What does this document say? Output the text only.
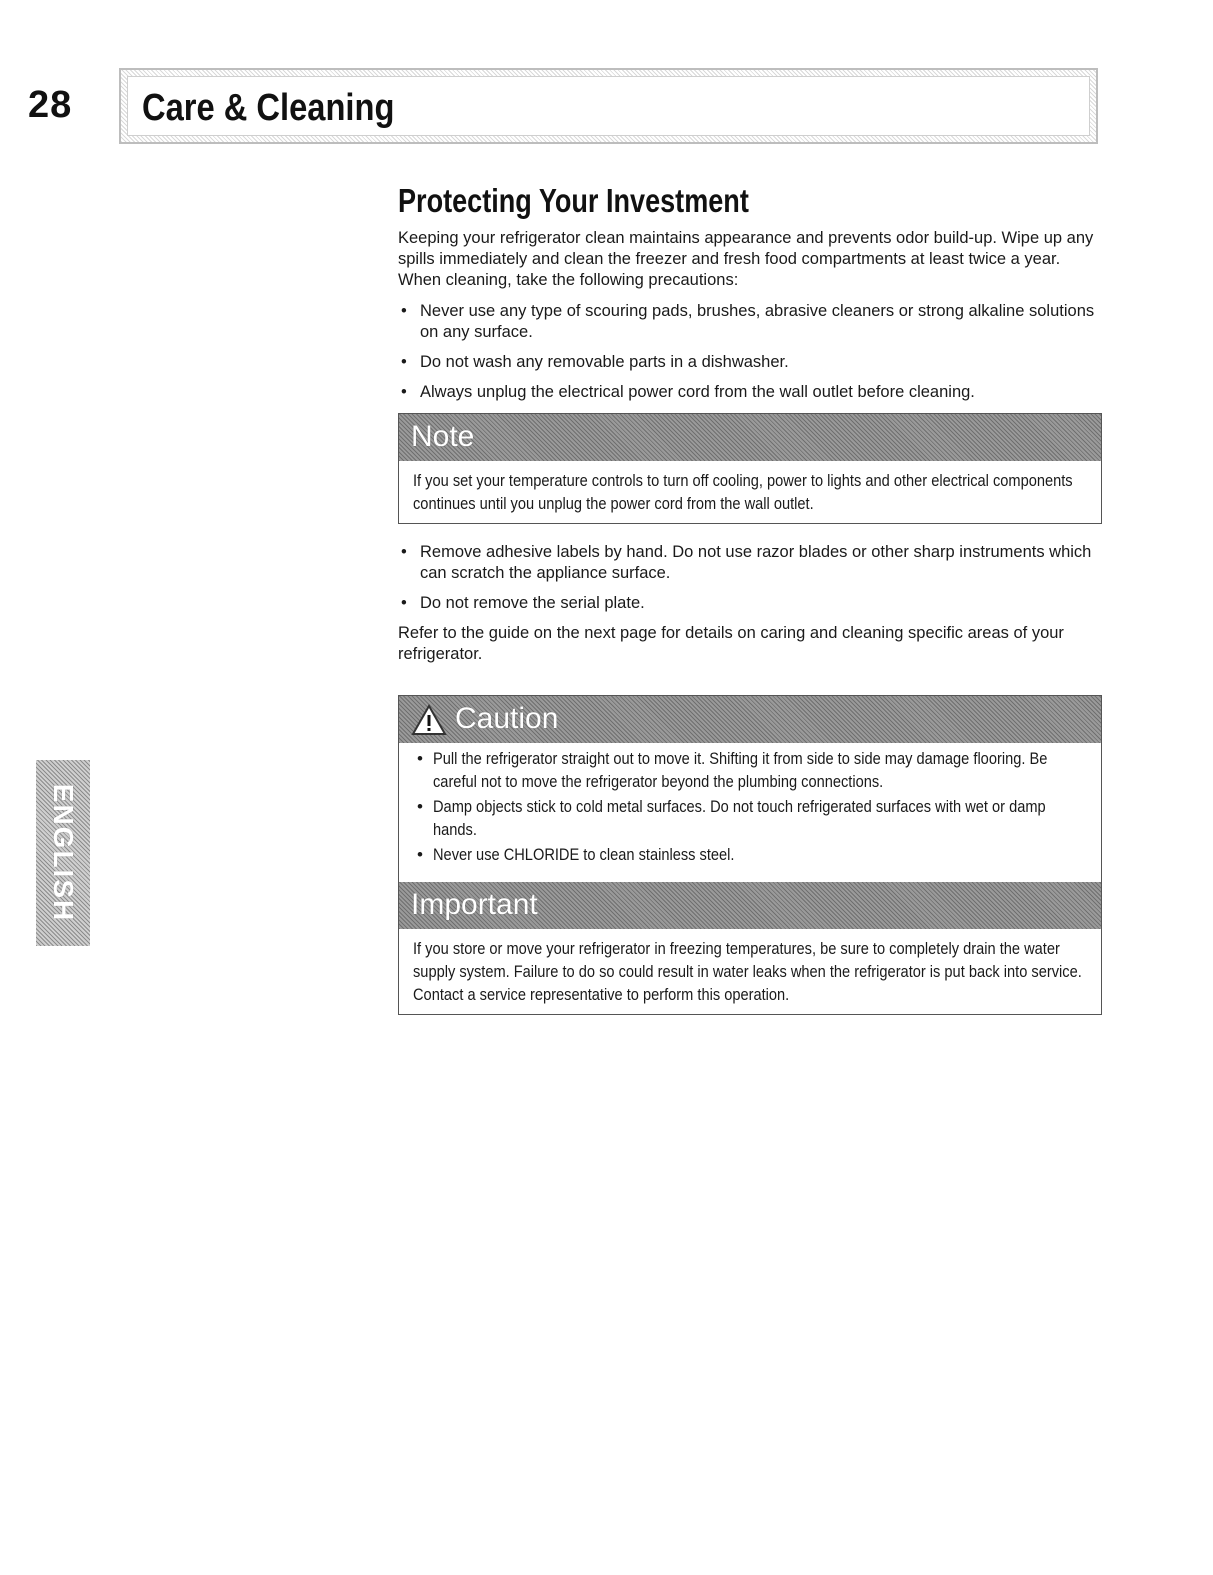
28 Care & Cleaning
ENGLISH
Protecting Your Investment

Keeping your refrigerator clean maintains appearance and prevents odor build-up. Wipe up any spills immediately and clean the freezer and fresh food compartments at least twice a year. When cleaning, take the following precautions:

• Never use any type of scouring pads, brushes, abrasive cleaners or strong alkaline solutions on any surface.
• Do not wash any removable parts in a dishwasher.
• Always unplug the electrical power cord from the wall outlet before cleaning.
Note
If you set your temperature controls to turn off cooling, power to lights and other electrical components continues until you unplug the power cord from the wall outlet.
• Remove adhesive labels by hand. Do not use razor blades or other sharp instruments which can scratch the appliance surface.
• Do not remove the serial plate.

Refer to the guide on the next page for details on caring and cleaning specific areas of your refrigerator.

Caution
• Pull the refrigerator straight out to move it. Shifting it from side to side may damage flooring. Be careful not to move the refrigerator beyond the plumbing connections.
• Damp objects stick to cold metal surfaces. Do not touch refrigerated surfaces with wet or damp hands.
• Never use CHLORIDE to clean stainless steel.
Important
If you store or move your refrigerator in freezing temperatures, be sure to completely drain the water supply system. Failure to do so could result in water leaks when the refrigerator is put back into service. Contact a service representative to perform this operation.
